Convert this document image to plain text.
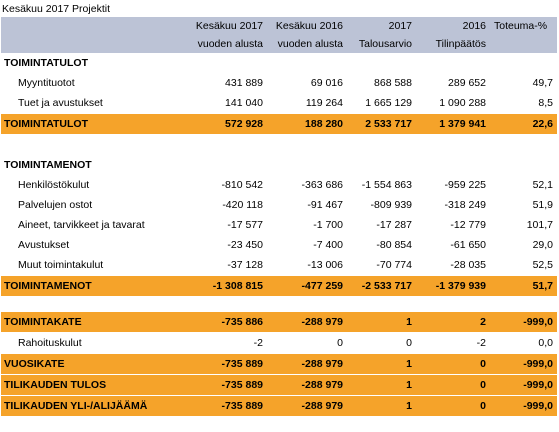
Kesäkuu 2017 Projektit
	Kesäkuu 2017	Kesäkuu 2016	2017	2016	Toteuma-%
	vuoden alusta	vuoden alusta	Talousarvio	Tilinpäätös	
TOIMINTATULOT					
Myyntituotot	431 889	69 016	868 588	289 652	49,7
Tuet ja avustukset	141 040	119 264	1 665 129	1 090 288	8,5
TOIMINTATULOT	572 928	188 280	2 533 717	1 379 941	22,6

TOIMINTAMENOT					
Henkilöstökulut	-810 542	-363 686	-1 554 863	-959 225	52,1
Palvelujen ostot	-420 118	-91 467	-809 939	-318 249	51,9
Aineet, tarvikkeet ja tavarat	-17 577	-1 700	-17 287	-12 779	101,7
Avustukset	-23 450	-7 400	-80 854	-61 650	29,0
Muut toimintakulut	-37 128	-13 006	-70 774	-28 035	52,5
TOIMINTAMENOT	-1 308 815	-477 259	-2 533 717	-1 379 939	51,7

TOIMINTAKATE	-735 886	-288 979	1	2	-999,0
Rahoituskulut	-2	0	0	-2	0,0
VUOSIKATE	-735 889	-288 979	1	0	-999,0
TILIKAUDEN TULOS	-735 889	-288 979	1	0	-999,0
TILIKAUDEN YLI-/ALIJÄÄMÄ	-735 889	-288 979	1	0	-999,0
